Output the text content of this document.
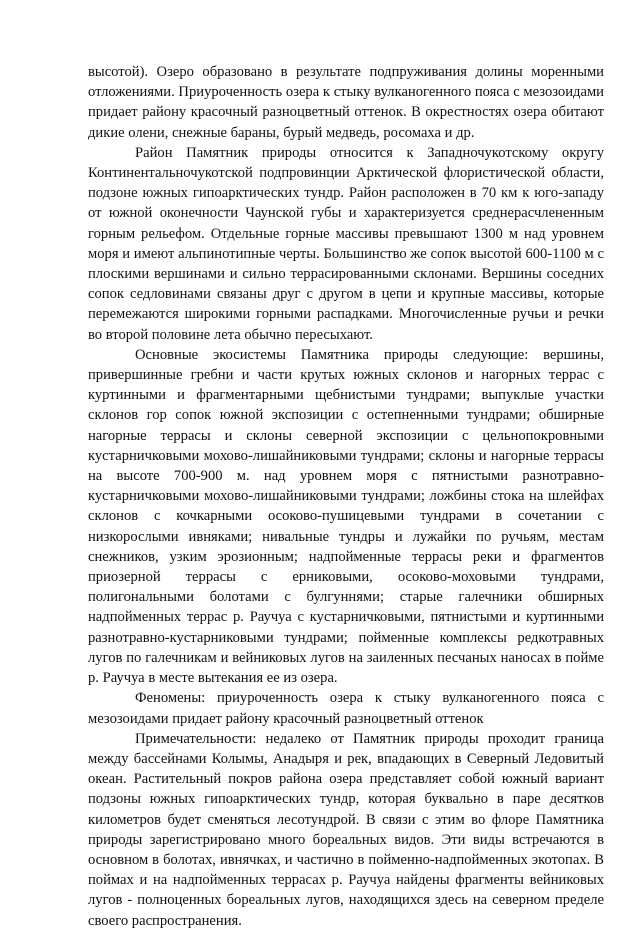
высотой). Озеро образовано в результате подпруживания долины моренными отложениями. Приуроченность озера к стыку вулканогенного пояса с мезозоидами придает району красочный разноцветный оттенок. В окрестностях озера обитают дикие олени, снежные бараны, бурый медведь, росомаха и др.

Район Памятник природы относится к Западночукотскому округу Континентальночукотской подпровинции Арктической флористической области, подзоне южных гипоарктических тундр. Район расположен в 70 км к юго-западу от южной оконечности Чаунской губы и характеризуется среднерасчлененным горным рельефом. Отдельные горные массивы превышают 1300 м над уровнем моря и имеют альпинотипные черты. Большинство же сопок высотой 600-1100 м с плоскими вершинами и сильно террасированными склонами. Вершины соседних сопок седловинами связаны друг с другом в цепи и крупные массивы, которые перемежаются широкими горными распадками. Многочисленные ручьи и речки во второй половине лета обычно пересыхают.

Основные экосистемы Памятника природы следующие: вершины, привершинные гребни и части крутых южных склонов и нагорных террас с куртинными и фрагментарными щебнистыми тундрами; выпуклые участки склонов гор сопок южной экспозиции с остепненными тундрами; обширные нагорные террасы и склоны северной экспозиции с цельнопокровными кустарничковыми мохово-лишайниковыми тундрами; склоны и нагорные террасы на высоте 700-900 м. над уровнем моря с пятнистыми разнотравно-кустарничковыми мохово-лишайниковыми тундрами; ложбины стока на шлейфах склонов с кочкарными осоково-пушицевыми тундрами в сочетании с низкорослыми ивняками; нивальные тундры и лужайки по ручьям, местам снежников, узким эрозионным; надпойменные террасы реки и фрагментов приозерной террасы с ерниковыми, осоково-моховыми тундрами, полигональными болотами с булгуннями; старые галечники обширных надпойменных террас р. Раучуа с кустарничковыми, пятнистыми и куртинными разнотравно-кустарниковыми тундрами; пойменные комплексы редкотравных лугов по галечникам и вейниковых лугов на заиленных песчаных наносах в пойме р. Раучуа в месте вытекания ее из озера.

Феномены: приуроченность озера к стыку вулканогенного пояса с мезозоидами придает району красочный разноцветный оттенок

Примечательности: недалеко от Памятник природы проходит граница между бассейнами Колымы, Анадыря и рек, впадающих в Северный Ледовитый океан. Растительный покров района озера представляет собой южный вариант подзоны южных гипоарктических тундр, которая буквально в паре десятков километров будет сменяться лесотундрой. В связи с этим во флоре Памятника природы зарегистрировано много бореальных видов. Эти виды встречаются в основном в болотах, ивнячках, и частично в пойменно-надпойменных экотопах. В поймах и на надпойменных террасах р. Раучуа найдены фрагменты вейниковых лугов - полноценных бореальных лугов, находящихся здесь на северном пределе своего распространения.
